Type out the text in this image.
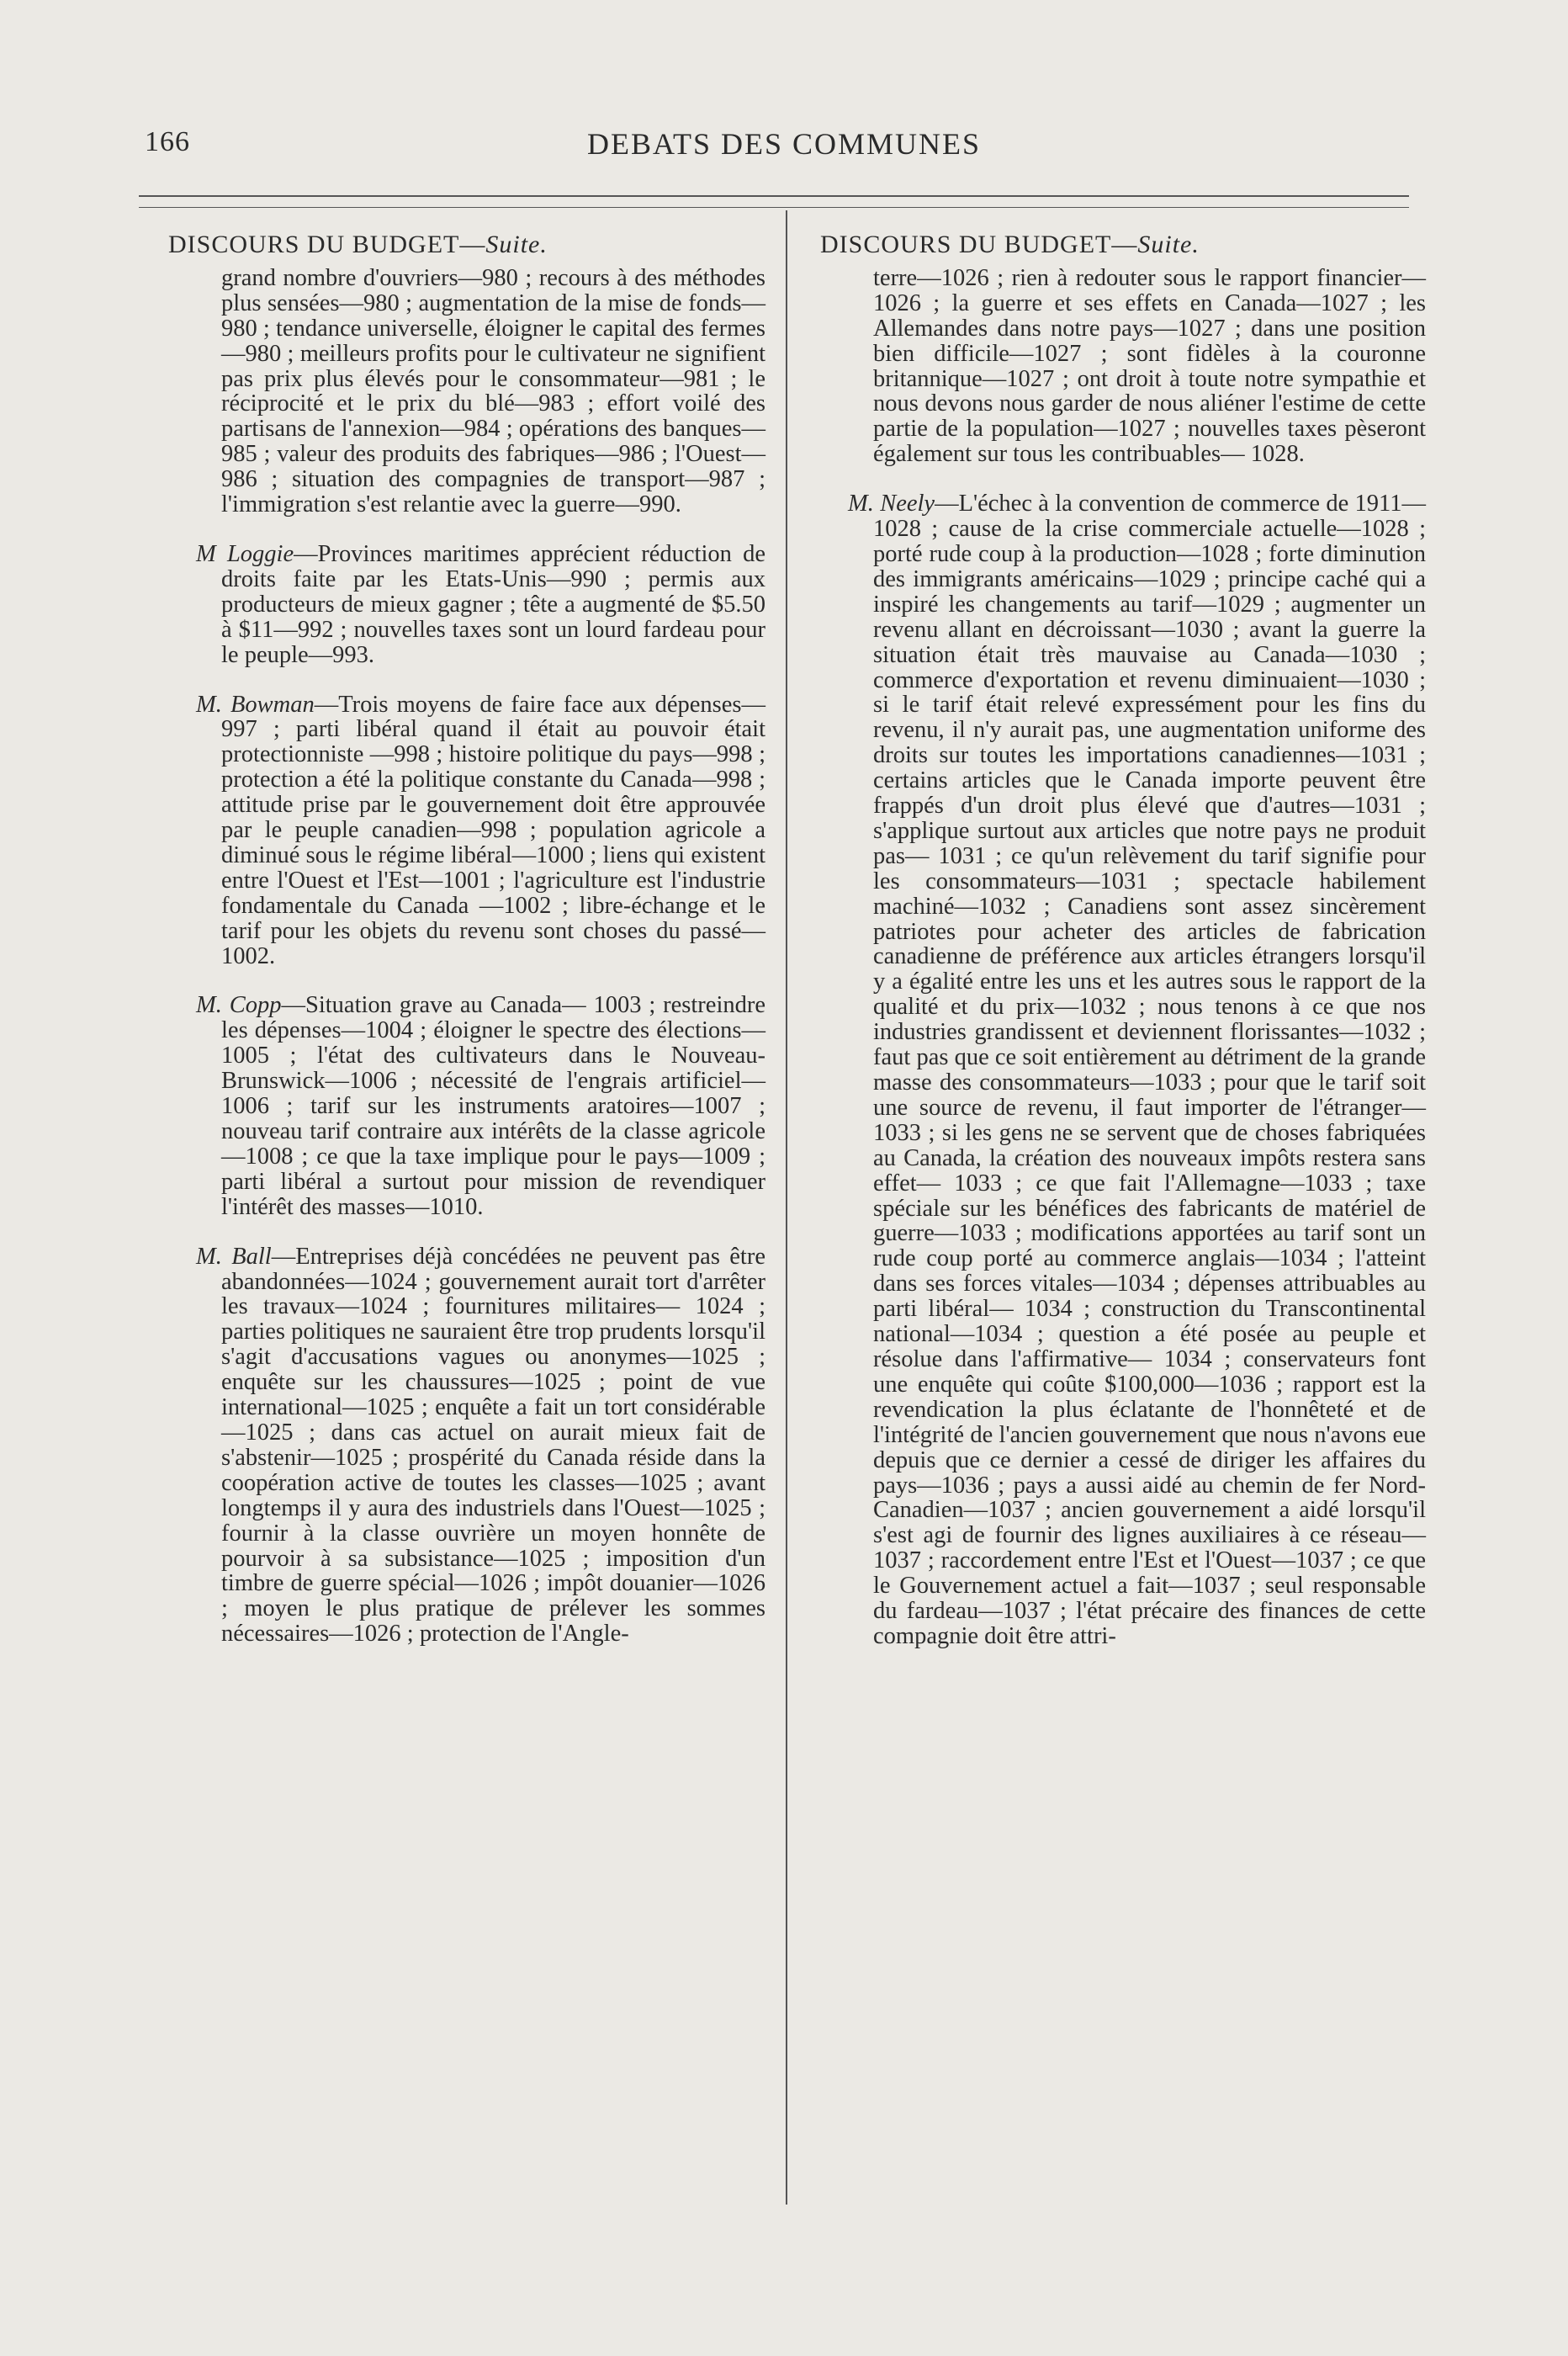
166	DEBATS DES COMMUNES
DISCOURS DU BUDGET—Suite.

grand nombre d'ouvriers—980 ; recours à des méthodes plus sensées—980 ; augmentation de la mise de fonds—980 ; tendance universelle, éloigner le capital des fermes—980 ; meilleurs profits pour le cultivateur ne signifient pas prix plus élevés pour le consommateur—981 ; le réciprocité et le prix du blé—983 ; effort voilé des partisans de l'annexion—984 ; opérations des banques—985 ; valeur des produits des fabriques—986 ; l'Ouest—986 ; situation des compagnies de transport—987 ; l'immigration s'est relantie avec la guerre—990.

M Loggie—Provinces maritimes apprécient réduction de droits faite par les Etats-Unis—990 ; permis aux producteurs de mieux gagner ; tête a augmenté de $5.50 à $11—992 ; nouvelles taxes sont un lourd fardeau pour le peuple—993.

M. Bowman—Trois moyens de faire face aux dépenses—997 ; parti libéral quand il était au pouvoir était protectionniste —998 ; histoire politique du pays—998 ; protection a été la politique constante du Canada—998 ; attitude prise par le gouvernement doit être approuvée par le peuple canadien—998 ; population agricole a diminué sous le régime libéral—1000 ; liens qui existent entre l'Ouest et l'Est—1001 ; l'agriculture est l'industrie fondamentale du Canada —1002 ; libre-échange et le tarif pour les objets du revenu sont choses du passé—1002.

M. Copp—Situation grave au Canada— 1003 ; restreindre les dépenses—1004 ; éloigner le spectre des élections—1005 ; l'état des cultivateurs dans le Nouveau-Brunswick—1006 ; nécessité de l'engrais artificiel—1006 ; tarif sur les instruments aratoires—1007 ; nouveau tarif contraire aux intérêts de la classe agricole—1008 ; ce que la taxe implique pour le pays—1009 ; parti libéral a surtout pour mission de revendiquer l'intérêt des masses—1010.

M. Ball—Entreprises déjà concédées ne peuvent pas être abandonnées—1024 ; gouvernement aurait tort d'arrêter les travaux—1024 ; fournitures militaires— 1024 ; parties politiques ne sauraient être trop prudents lorsqu'il s'agit d'accusations vagues ou anonymes—1025 ; enquête sur les chaussures—1025 ; point de vue international—1025 ; enquête a fait un tort considérable—1025 ; dans cas actuel on aurait mieux fait de s'abstenir—1025 ; prospérité du Canada réside dans la coopération active de toutes les classes—1025 ; avant longtemps il y aura des industriels dans l'Ouest—1025 ; fournir à la classe ouvrière un moyen honnête de pourvoir à sa subsistance—1025 ; imposition d'un timbre de guerre spécial—1026 ; impôt douanier—1026 ; moyen le plus pratique de prélever les sommes nécessaires—1026 ; protection de l'Angle-

DISCOURS DU BUDGET—Suite.

terre—1026 ; rien à redouter sous le rapport financier—1026 ; la guerre et ses effets en Canada—1027 ; les Allemandes dans notre pays—1027 ; dans une position bien difficile—1027 ; sont fidèles à la couronne britannique—1027 ; ont droit à toute notre sympathie et nous devons nous garder de nous aliéner l'estime de cette partie de la population—1027 ; nouvelles taxes pèseront également sur tous les contribuables— 1028.

M. Neely—L'échec à la convention de commerce de 1911—1028 ; cause de la crise commerciale actuelle—1028 ; porté rude coup à la production—1028 ; forte diminution des immigrants américains—1029 ; principe caché qui a inspiré les changements au tarif—1029 ; augmenter un revenu allant en décroissant—1030 ; avant la guerre la situation était très mauvaise au Canada—1030 ; commerce d'exportation et revenu diminuaient—1030 ; si le tarif était relevé expressément pour les fins du revenu, il n'y aurait pas, une augmentation uniforme des droits sur toutes les importations canadiennes—1031 ; certains articles que le Canada importe peuvent être frappés d'un droit plus élevé que d'autres—1031 ; s'applique surtout aux articles que notre pays ne produit pas— 1031 ; ce qu'un relèvement du tarif signifie pour les consommateurs—1031 ; spectacle habilement machiné—1032 ; Canadiens sont assez sincèrement patriotes pour acheter des articles de fabrication canadienne de préférence aux articles étrangers lorsqu'il y a égalité entre les uns et les autres sous le rapport de la qualité et du prix—1032 ; nous tenons à ce que nos industries grandissent et deviennent florissantes—1032 ; faut pas que ce soit entièrement au détriment de la grande masse des consommateurs—1033 ; pour que le tarif soit une source de revenu, il faut importer de l'étranger— 1033 ; si les gens ne se servent que de choses fabriquées au Canada, la création des nouveaux impôts restera sans effet— 1033 ; ce que fait l'Allemagne—1033 ; taxe spéciale sur les bénéfices des fabricants de matériel de guerre—1033 ; modifications apportées au tarif sont un rude coup porté au commerce anglais—1034 ; l'atteint dans ses forces vitales—1034 ; dépenses attribuables au parti libéral— 1034 ; construction du Transcontinental national—1034 ; question a été posée au peuple et résolue dans l'affirmative— 1034 ; conservateurs font une enquête qui coûte $100,000—1036 ; rapport est la revendication la plus éclatante de l'honnêteté et de l'intégrité de l'ancien gouvernement que nous n'avons eue depuis que ce dernier a cessé de diriger les affaires du pays—1036 ; pays a aussi aidé au chemin de fer Nord-Canadien—1037 ; ancien gouvernement a aidé lorsqu'il s'est agi de fournir des lignes auxiliaires à ce réseau—1037 ; raccordement entre l'Est et l'Ouest—1037 ; ce que le Gouvernement actuel a fait—1037 ; seul responsable du fardeau—1037 ; l'état précaire des finances de cette compagnie doit être attri-
